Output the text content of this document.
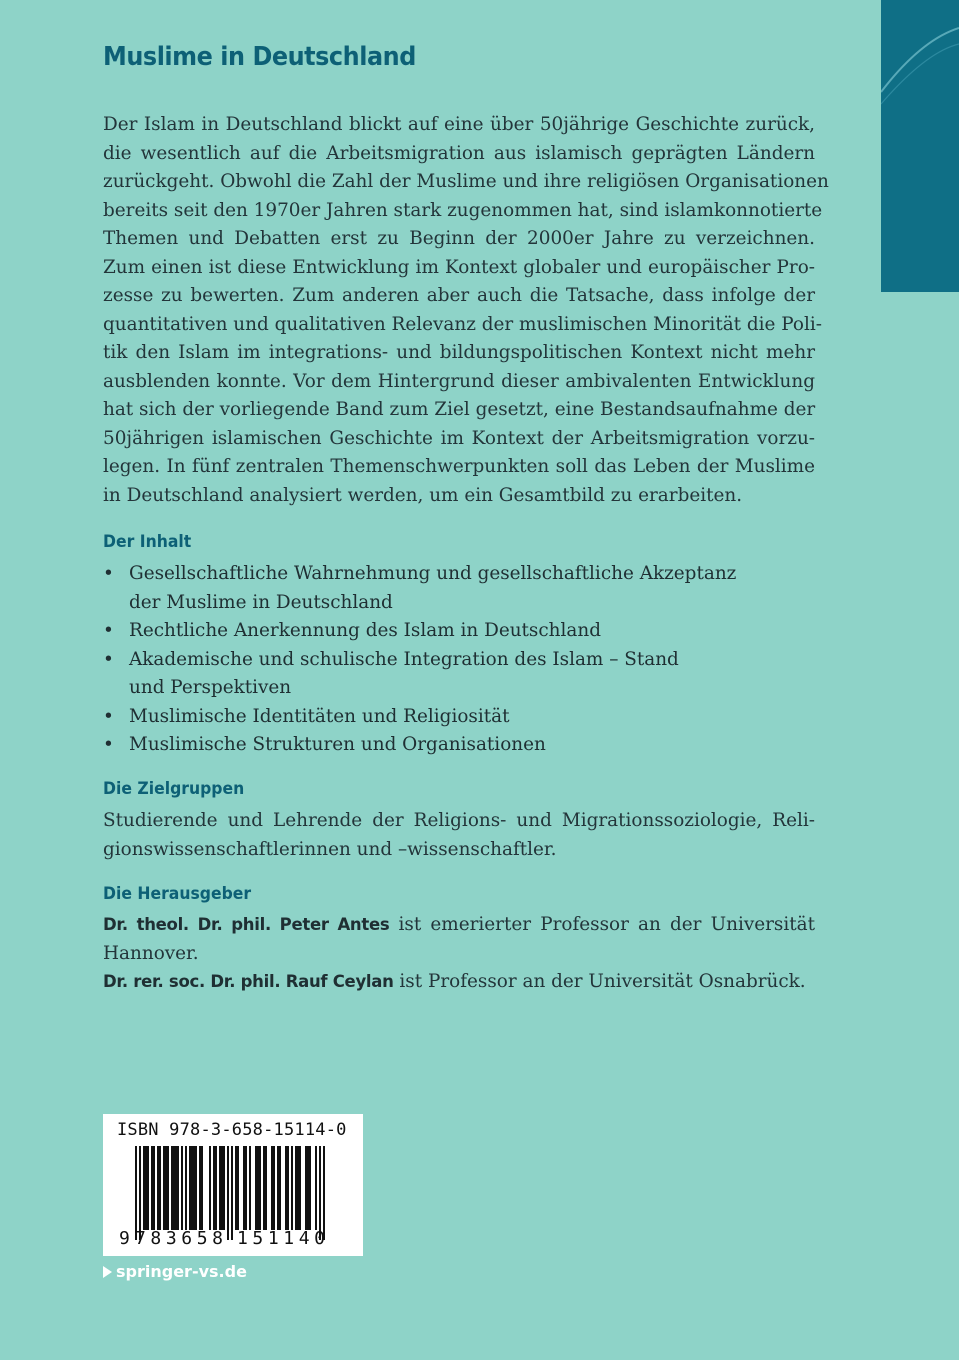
Muslime in Deutschland
Der Islam in Deutschland blickt auf eine über 50jährige Geschichte zurück,
die wesentlich auf die Arbeitsmigration aus islamisch geprägten Ländern
zurückgeht. Obwohl die Zahl der Muslime und ihre religiösen Organisationen
bereits seit den 1970er Jahren stark zugenommen hat, sind islamkonnotierte
Themen und Debatten erst zu Beginn der 2000er Jahre zu verzeichnen.
Zum einen ist diese Entwicklung im Kontext globaler und europäischer Pro-
zesse zu bewerten. Zum anderen aber auch die Tatsache, dass infolge der
quantitativen und qualitativen Relevanz der muslimischen Minorität die Poli-
tik den Islam im integrations- und bildungspolitischen Kontext nicht mehr
ausblenden konnte. Vor dem Hintergrund dieser ambivalenten Entwicklung
hat sich der vorliegende Band zum Ziel gesetzt, eine Bestandsaufnahme der
50jährigen islamischen Geschichte im Kontext der Arbeitsmigration vorzu-
legen. In fünf zentralen Themenschwerpunkten soll das Leben der Muslime
in Deutschland analysiert werden, um ein Gesamtbild zu erarbeiten.
Der Inhalt
• Gesellschaftliche Wahrnehmung und gesellschaftliche Akzeptanz
der Muslime in Deutschland
• Rechtliche Anerkennung des Islam in Deutschland
• Akademische und schulische Integration des Islam – Stand
und Perspektiven
• Muslimische Identitäten und Religiosität
• Muslimische Strukturen und Organisationen
Die Zielgruppen
Studierende und Lehrende der Religions- und Migrationssoziologie, Reli-
gionswissenschaftlerinnen und –wissenschaftler.
Die Herausgeber
Dr. theol. Dr. phil. Peter Antes ist emerierter Professor an der Universität
Hannover.
Dr. rer. soc. Dr. phil. Rauf Ceylan ist Professor an der Universität Osnabrück.
ISBN 978-3-658-15114-0
9 783658 151140
springer-vs.de
